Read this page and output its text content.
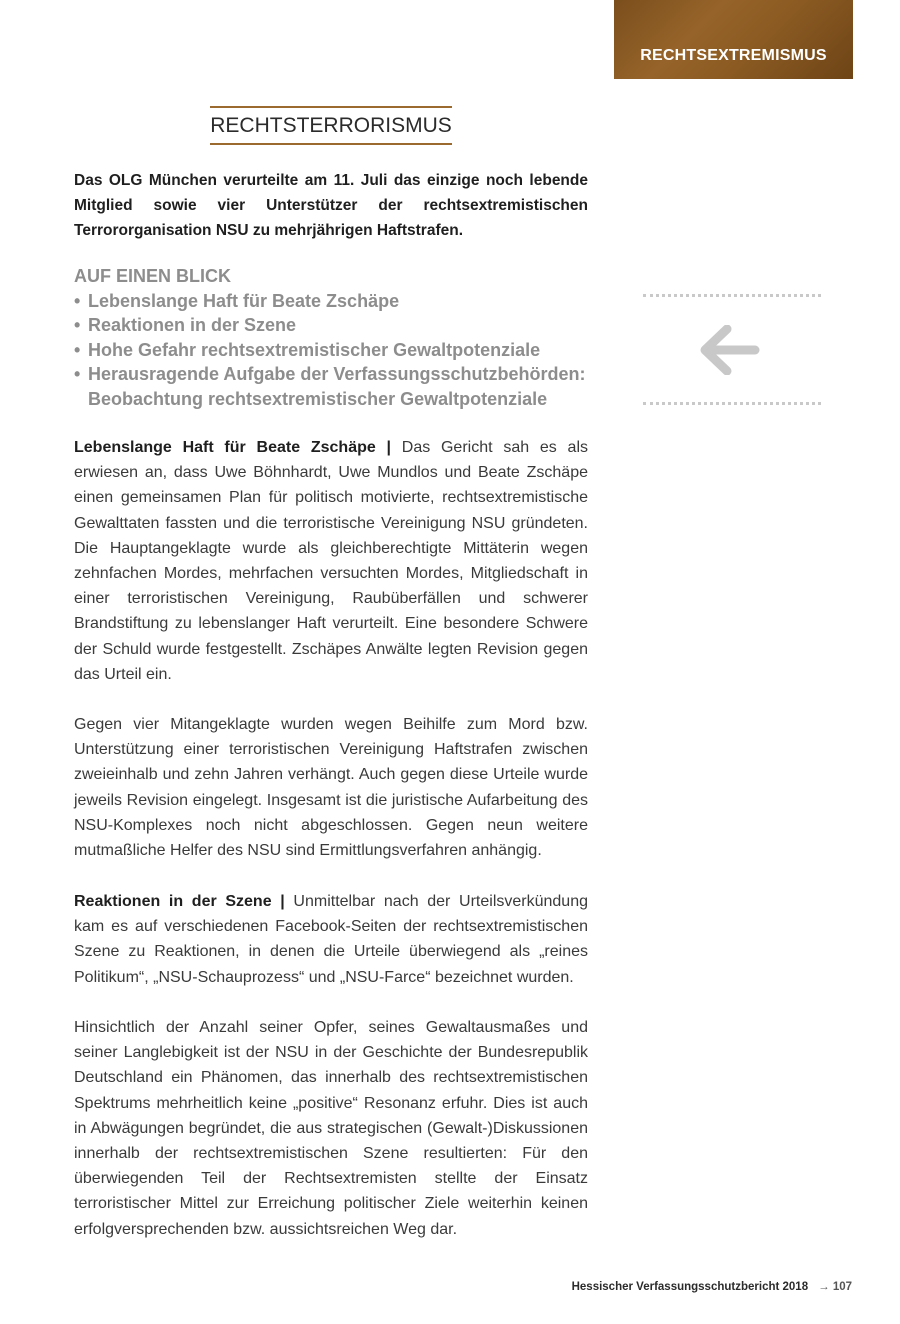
RECHTSEXTREMISMUS
RECHTSTERRORISMUS

Das OLG München verurteilte am 11. Juli das einzige noch lebende Mitglied sowie vier Unterstützer der rechtsextremistischen Terrororganisation NSU zu mehrjährigen Haftstrafen.

AUF EINEN BLICK

• Lebenslange Haft für Beate Zschäpe
• Reaktionen in der Szene
• Hohe Gefahr rechtsextremistischer Gewaltpotenziale
• Herausragende Aufgabe der Verfassungsschutzbehörden: Beobachtung rechtsextremistischer Gewaltpotenziale

Lebenslange Haft für Beate Zschäpe | Das Gericht sah es als erwiesen an, dass Uwe Böhnhardt, Uwe Mundlos und Beate Zschäpe einen gemeinsamen Plan für politisch motivierte, rechtsextremistische Gewalttaten fassten und die terroristische Vereinigung NSU gründeten. Die Hauptangeklagte wurde als gleichberechtigte Mittäterin wegen zehnfachen Mordes, mehrfachen versuchten Mordes, Mitgliedschaft in einer terroristischen Vereinigung, Raubüberfällen und schwerer Brandstiftung zu lebenslanger Haft verurteilt. Eine besondere Schwere der Schuld wurde festgestellt. Zschäpes Anwälte legten Revision gegen das Urteil ein.

Gegen vier Mitangeklagte wurden wegen Beihilfe zum Mord bzw. Unterstützung einer terroristischen Vereinigung Haftstrafen zwischen zweieinhalb und zehn Jahren verhängt. Auch gegen diese Urteile wurde jeweils Revision eingelegt. Insgesamt ist die juristische Aufarbeitung des NSU-Komplexes noch nicht abgeschlossen. Gegen neun weitere mutmaßliche Helfer des NSU sind Ermittlungsverfahren anhängig.

Reaktionen in der Szene | Unmittelbar nach der Urteilsverkündung kam es auf verschiedenen Facebook-Seiten der rechtsextremistischen Szene zu Reaktionen, in denen die Urteile überwiegend als „reines Politikum“, „NSU-Schauprozess“ und „NSU-Farce“ bezeichnet wurden.

Hinsichtlich der Anzahl seiner Opfer, seines Gewaltausmaßes und seiner Langlebigkeit ist der NSU in der Geschichte der Bundesrepublik Deutschland ein Phänomen, das innerhalb des rechtsextremistischen Spektrums mehrheitlich keine „positive“ Resonanz erfuhr. Dies ist auch in Abwägungen begründet, die aus strategischen (Gewalt-)Diskussionen innerhalb der rechtsextremistischen Szene resultierten: Für den überwiegenden Teil der Rechtsextremisten stellte der Einsatz terroristischer Mittel zur Erreichung politischer Ziele weiterhin keinen erfolgversprechenden bzw. aussichtsreichen Weg dar.

Hessischer Verfassungsschutzbericht 2018 → 107
